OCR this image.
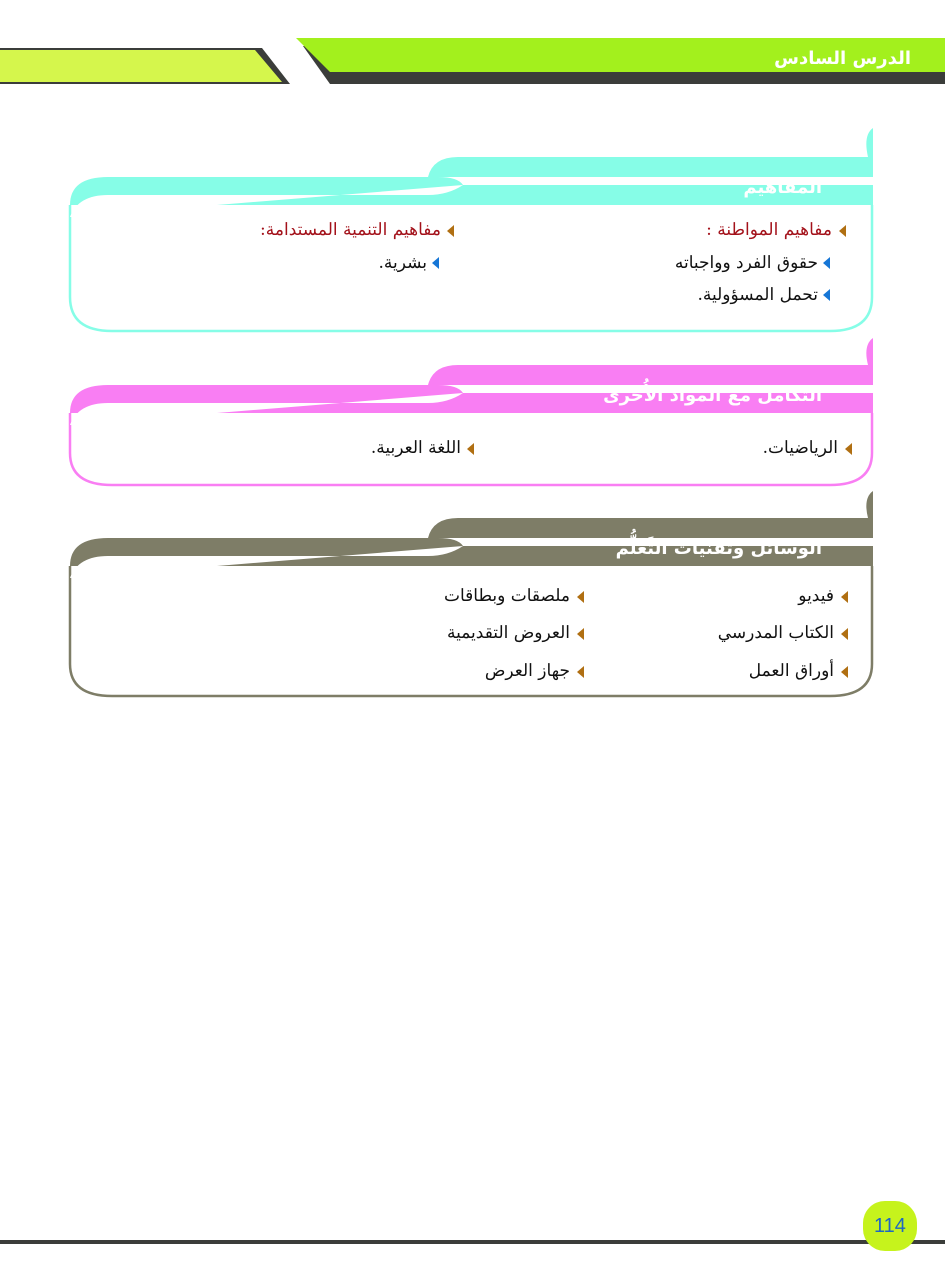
الدرس السادس
المفاهيم
مفاهيم المواطنة :
مفاهيم التنمية المستدامة:
حقوق الفرد وواجباته
بشرية.
تحمل المسؤولية.
التّكامل مع الموادّ الأُخرى
الرياضيات.
اللغة العربية.
الوسائل وتقنيات التَّعلُّم
فيديو
ملصقات وبطاقات
الكتاب المدرسي
العروض التقديمية
أوراق العمل
جهاز العرض
114
